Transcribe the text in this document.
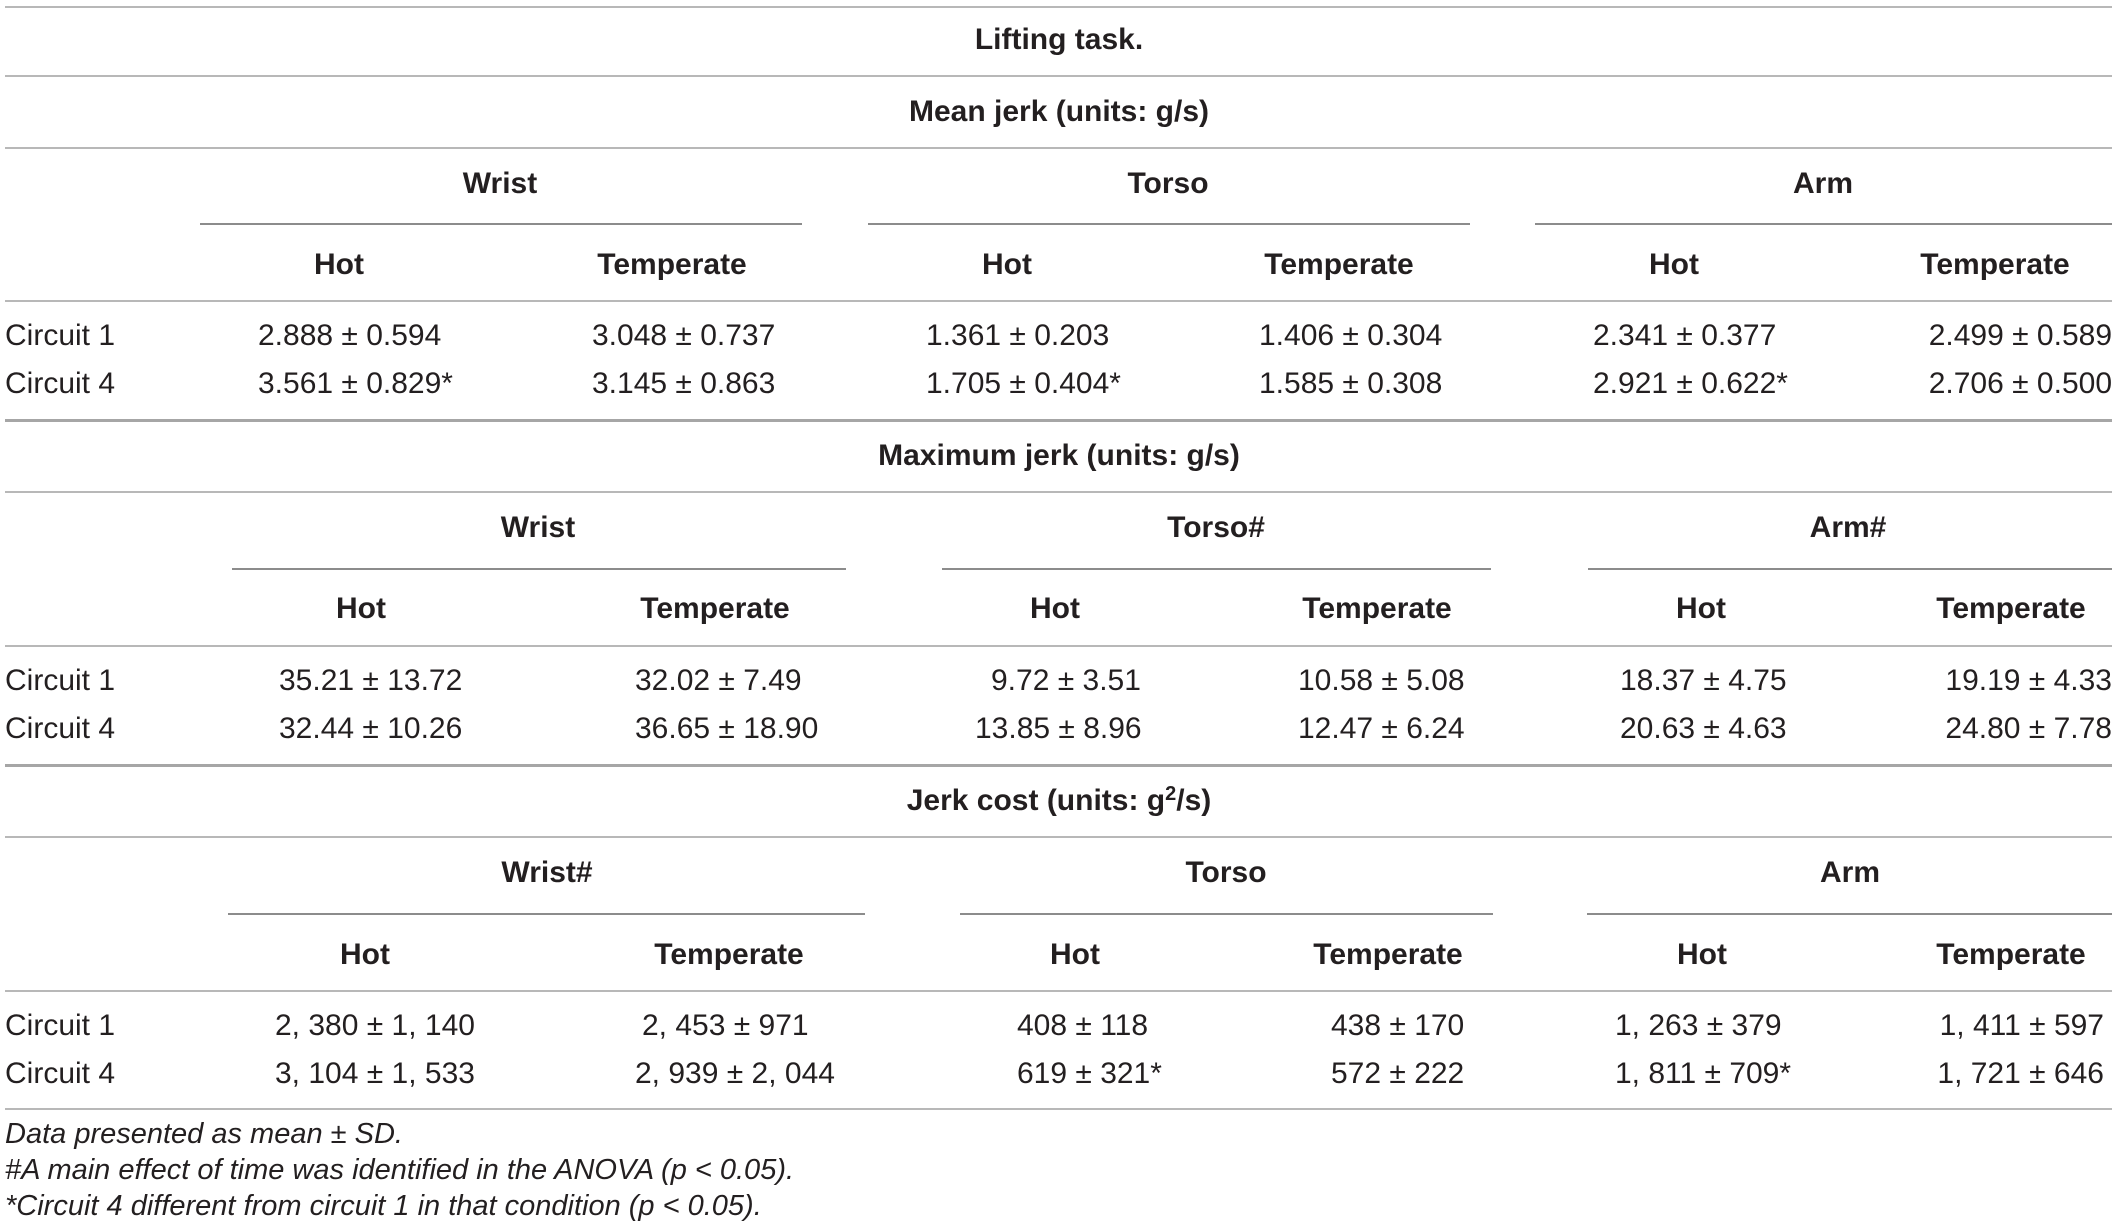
Lifting task.
Mean jerk (units: g/s)
Wrist	Torso	Arm
Hot	Temperate	Hot	Temperate	Hot	Temperate
Circuit 1	2.888 ± 0.594	3.048 ± 0.737	1.361 ± 0.203	1.406 ± 0.304	2.341 ± 0.377	2.499 ± 0.589
Circuit 4	3.561 ± 0.829*	3.145 ± 0.863	1.705 ± 0.404*	1.585 ± 0.308	2.921 ± 0.622*	2.706 ± 0.500
Maximum jerk (units: g/s)
Wrist	Torso#	Arm#
Hot	Temperate	Hot	Temperate	Hot	Temperate
Circuit 1	35.21 ± 13.72	32.02 ± 7.49	9.72 ± 3.51	10.58 ± 5.08	18.37 ± 4.75	19.19 ± 4.33
Circuit 4	32.44 ± 10.26	36.65 ± 18.90	13.85 ± 8.96	12.47 ± 6.24	20.63 ± 4.63	24.80 ± 7.78
Jerk cost (units: $g^2/s$)
Wrist#	Torso	Arm
Hot	Temperate	Hot	Temperate	Hot	Temperate
Circuit 1	2, 380 ± 1, 140	2, 453 ± 971	408 ± 118	438 ± 170	1, 263 ± 379	1, 411 ± 597
Circuit 4	3, 104 ± 1, 533	2, 939 ± 2, 044	619 ± 321*	572 ± 222	1, 811 ± 709*	1, 721 ± 646
Data presented as mean ± SD.
#A main effect of time was identified in the ANOVA (p < 0.05).
*Circuit 4 different from circuit 1 in that condition (p < 0.05).
